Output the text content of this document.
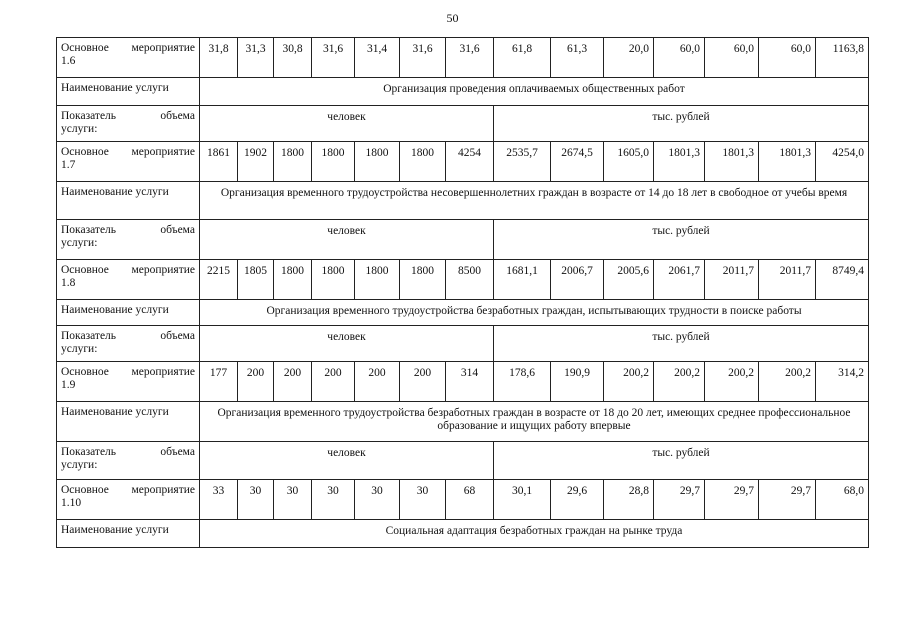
50
Основное мероприятие
1.6	31,8	31,3	30,8	31,6	31,4	31,6	31,6	61,8	61,3	20,0	60,0	60,0	60,0	1163,8
Наименование услуги	Организация проведения оплачиваемых общественных работ													
Показатель объема
услуги:	человек							тыс. рублей						
Основное мероприятие
1.7	1861	1902	1800	1800	1800	1800	4254	2535,7	2674,5	1605,0	1801,3	1801,3	1801,3	4254,0
Наименование услуги	Организация временного трудоустройства несовершеннолетних граждан в возрасте от 14 до 18 лет в свободное от учебы время													
Показатель объема
услуги:	человек							тыс. рублей						
Основное мероприятие
1.8	2215	1805	1800	1800	1800	1800	8500	1681,1	2006,7	2005,6	2061,7	2011,7	2011,7	8749,4
Наименование услуги	Организация временного трудоустройства безработных граждан, испытывающих трудности в поиске работы													
Показатель объема
услуги:	человек							тыс. рублей						
Основное мероприятие
1.9	177	200	200	200	200	200	314	178,6	190,9	200,2	200,2	200,2	200,2	314,2
Наименование услуги	Организация временного трудоустройства безработных граждан в возрасте от 18 до 20 лет, имеющих среднее профессиональное образование и ищущих работу впервые													
Показатель объема
услуги:	человек							тыс. рублей						
Основное мероприятие
1.10	33	30	30	30	30	30	68	30,1	29,6	28,8	29,7	29,7	29,7	68,0
Наименование услуги	Социальная адаптация безработных граждан на рынке труда													
